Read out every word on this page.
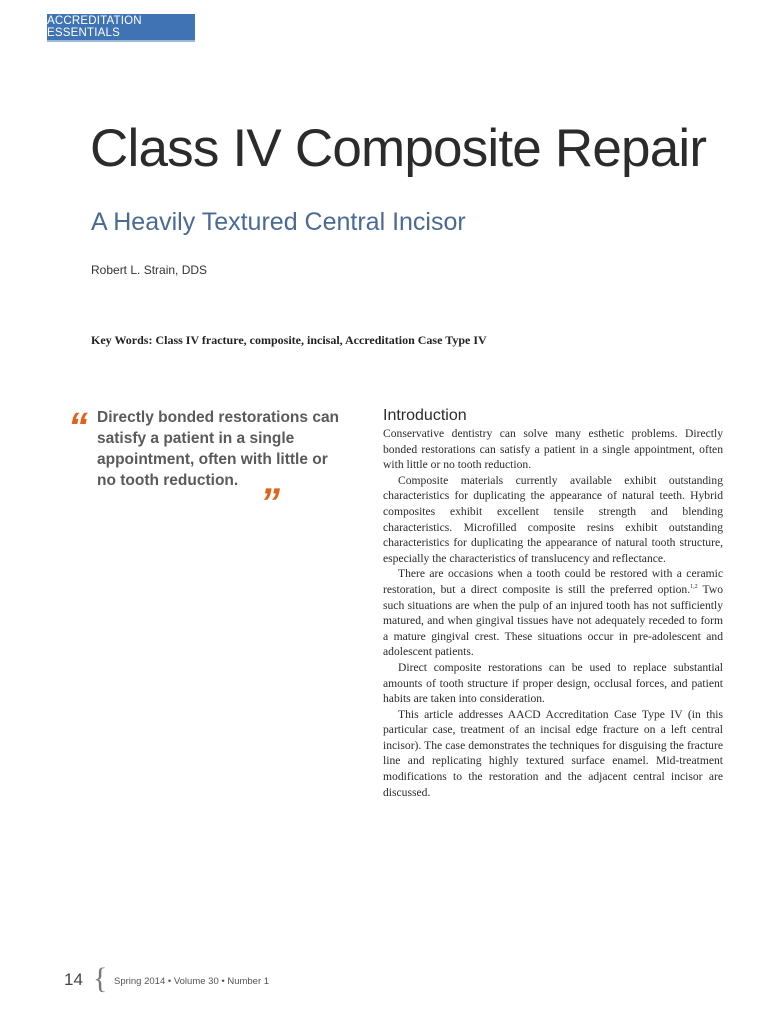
ACCREDITATION ESSENTIALS
Class IV Composite Repair
A Heavily Textured Central Incisor
Robert L. Strain, DDS
Key Words: Class IV fracture, composite, incisal, Accreditation Case Type IV
“ Directly bonded restorations can satisfy a patient in a single appointment, often with little or no tooth reduction.

”
Introduction

Conservative dentistry can solve many esthetic problems. Directly bonded restorations can satisfy a patient in a single appointment, often with little or no tooth reduction.

Composite materials currently available exhibit outstanding characteristics for duplicating the appearance of natural teeth. Hybrid composites exhibit excellent tensile strength and blending characteristics. Microfilled composite resins exhibit outstanding characteristics for duplicating the appearance of natural tooth structure, especially the characteristics of translucency and reflectance.

There are occasions when a tooth could be restored with a ceramic restoration, but a direct composite is still the preferred option.$^{1,2}$ Two such situations are when the pulp of an injured tooth has not sufficiently matured, and when gingival tissues have not adequately receded to form a mature gingival crest. These situations occur in pre-adolescent and adolescent patients.

Direct composite restorations can be used to replace substantial amounts of tooth structure if proper design, occlusal forces, and patient habits are taken into consideration.

This article addresses AACD Accreditation Case Type IV (in this particular case, treatment of an incisal edge fracture on a left central incisor). The case demonstrates the techniques for disguising the fracture line and replicating highly textured surface enamel. Mid-treatment modifications to the restoration and the adjacent central incisor are discussed.

14 { Spring 2014 • Volume 30 • Number 1
